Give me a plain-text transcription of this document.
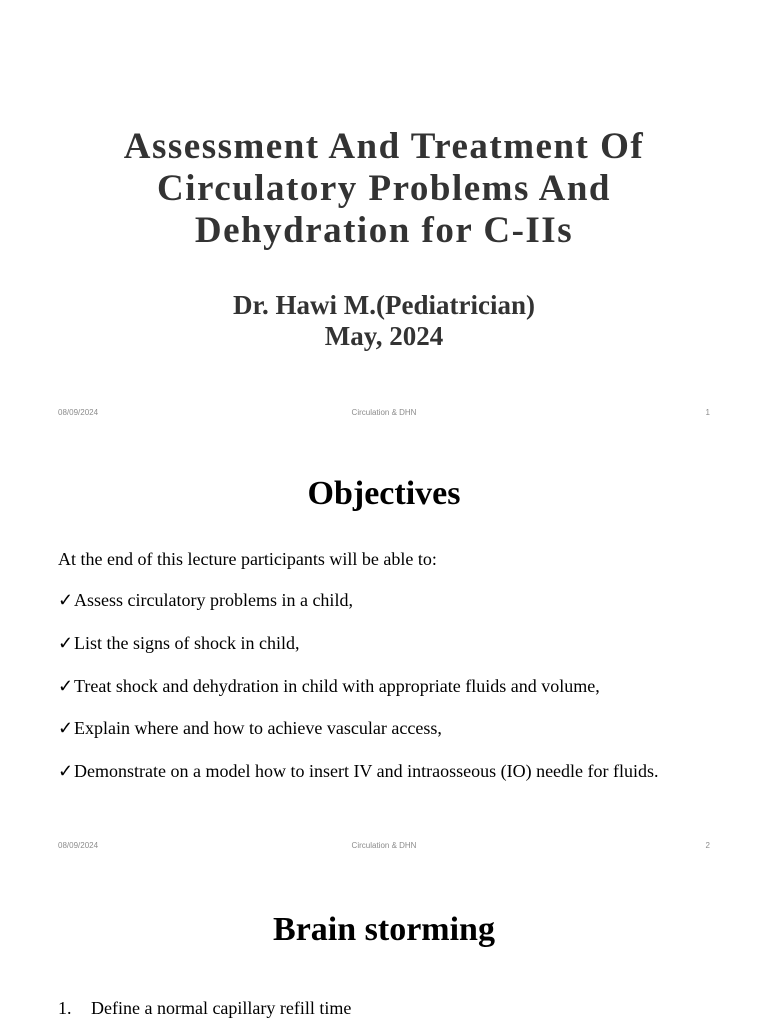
Assessment And Treatment Of
Circulatory Problems And
Dehydration for C-IIs
Dr. Hawi M.(Pediatrician)
May, 2024
08/09/2024	Circulation & DHN	1
Objectives
At the end of this lecture participants will be able to:
✓Assess circulatory problems in a child,
✓List the signs of shock in child,
✓Treat shock and dehydration in child with appropriate fluids and volume,
✓Explain where and how to achieve vascular access,
✓Demonstrate on a model how to insert IV and intraosseous (IO) needle for fluids.
08/09/2024	Circulation & DHN	2
Brain storming
1. Define a normal capillary refill time
